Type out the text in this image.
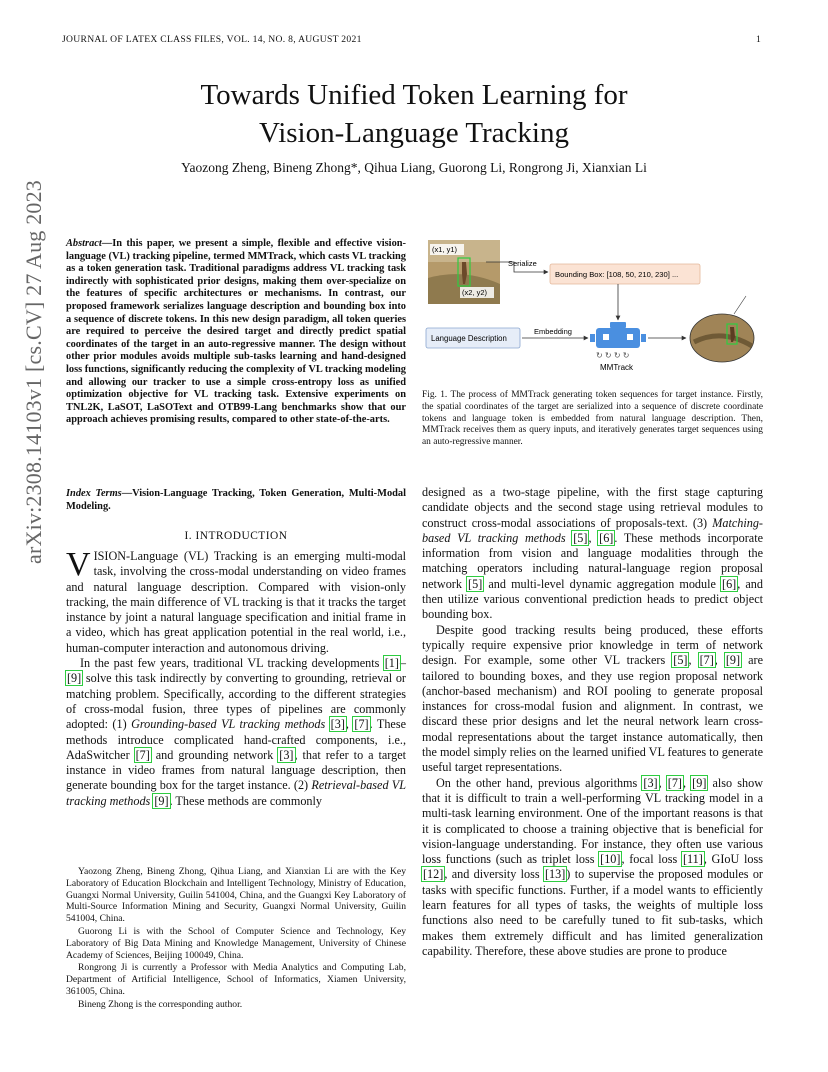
JOURNAL OF LATEX CLASS FILES, VOL. 14, NO. 8, AUGUST 2021	1
Towards Unified Token Learning for
Vision-Language Tracking
Yaozong Zheng, Bineng Zhong*, Qihua Liang, Guorong Li, Rongrong Ji, Xianxian Li
arXiv:2308.14103v1 [cs.CV] 27 Aug 2023 Abstract—In this paper, we present a simple, flexible and effective vision-language (VL) tracking pipeline, termed MMTrack, which casts VL tracking as a token generation task. Traditional paradigms address VL tracking task indirectly with sophisticated prior designs, making them over-specialize on the features of specific architectures or mechanisms. In contrast, our proposed framework serializes language description and bounding box into a sequence of discrete tokens. In this new design paradigm, all token queries are required to perceive the desired target and directly predict spatial coordinates of the target in an auto-regressive manner. The design without other prior modules avoids multiple sub-tasks learning and hand-designed loss functions, significantly reducing the complexity of VL tracking modeling and allowing our tracker to use a simple cross-entropy loss as unified optimization objective for VL tracking task. Extensive experiments on TNL2K, LaSOT, LaSOText and OTB99-Lang benchmarks show that our approach achieves promising results, compared to other state-of-the-arts.
Index Terms—Vision-Language Tracking, Token Generation, Multi-Modal Modeling.
I. INTRODUCTION

VISION-Language (VL) Tracking is an emerging multi-modal task, involving the cross-modal understanding on video frames and natural language description. Compared with vision-only tracking, the main difference of VL tracking is that it tracks the target instance by joint a natural language specification and initial frame in a video, which has great application potential in the real world, i.e., human-computer interaction and autonomous driving.

In the past few years, traditional VL tracking developments [1]–[9] solve this task indirectly by converting to grounding, retrieval or matching problem. Specifically, according to the different strategies of cross-modal fusion, three types of pipelines are commonly adopted: (1) Grounding-based VL tracking methods [3], [7]. These methods introduce complicated hand-crafted components, i.e., AdaSwitcher [7] and grounding network [3], that refer to a target instance in video frames from natural language description, then generate bounding box for the target instance. (2) Retrieval-based VL tracking methods [9]. These methods are commonly

Yaozong Zheng, Bineng Zhong, Qihua Liang, and Xianxian Li are with the Key Laboratory of Education Blockchain and Intelligent Technology, Ministry of Education, Guangxi Normal University, Guilin 541004, China, and the Guangxi Key Laboratory of Multi-Source Information Mining and Security, Guangxi Normal University, Guilin 541004, China.

Guorong Li is with the School of Computer Science and Technology, Key Laboratory of Big Data Mining and Knowledge Management, University of Chinese Academy of Sciences, Beijing 100049, China.

Rongrong Ji is currently a Professor with Media Analytics and Computing Lab, Department of Artificial Intelligence, School of Informatics, Xiamen University, 361005, China.

Bineng Zhong is the corresponding author.

(x1, y1)
(x2, y2)
Serialize
Bounding Box: [108, 50, 210, 230] ...
Language Description
Embedding
↻ ↻ ↻ ↻
MMTrack
Fig. 1. The process of MMTrack generating token sequences for target instance. Firstly, the spatial coordinates of the target are serialized into a sequence of discrete coordinate tokens and language token is embedded from natural language description. Then, MMTrack receives them as query inputs, and iteratively generates target sequences using an auto-regressive manner.

designed as a two-stage pipeline, with the first stage capturing candidate objects and the second stage using retrieval modules to construct cross-modal associations of proposals-text. (3) Matching-based VL tracking methods [5], [6]. These methods incorporate information from vision and language modalities through the matching operators including natural-language region proposal network [5] and multi-level dynamic aggregation module [6], and then utilize various conventional prediction heads to predict object bounding box.

Despite good tracking results being produced, these efforts typically require expensive prior knowledge in term of network design. For example, some other VL trackers [5], [7], [9] are tailored to bounding boxes, and they use region proposal network (anchor-based mechanism) and ROI pooling to generate proposal instances for cross-modal fusion and alignment. In contrast, we discard these prior designs and let the neural network learn cross-modal representations about the target instance automatically, then the model simply relies on the learned unified VL features to generate useful target representations.

On the other hand, previous algorithms [3], [7], [9] also show that it is difficult to train a well-performing VL tracking model in a multi-task learning environment. One of the important reasons is that it is complicated to choose a training objective that is beneficial for vision-language understanding. For instance, they often use various loss functions (such as triplet loss [10], focal loss [11], GIoU loss [12], and diversity loss [13]) to supervise the proposed modules or tasks with specific functions. Further, if a model wants to efficiently learn features for all types of tasks, the weights of multiple loss functions also need to be carefully tuned to fit sub-tasks, which makes them extremely difficult and has limited generalization capability. Therefore, these above studies are prone to produce
